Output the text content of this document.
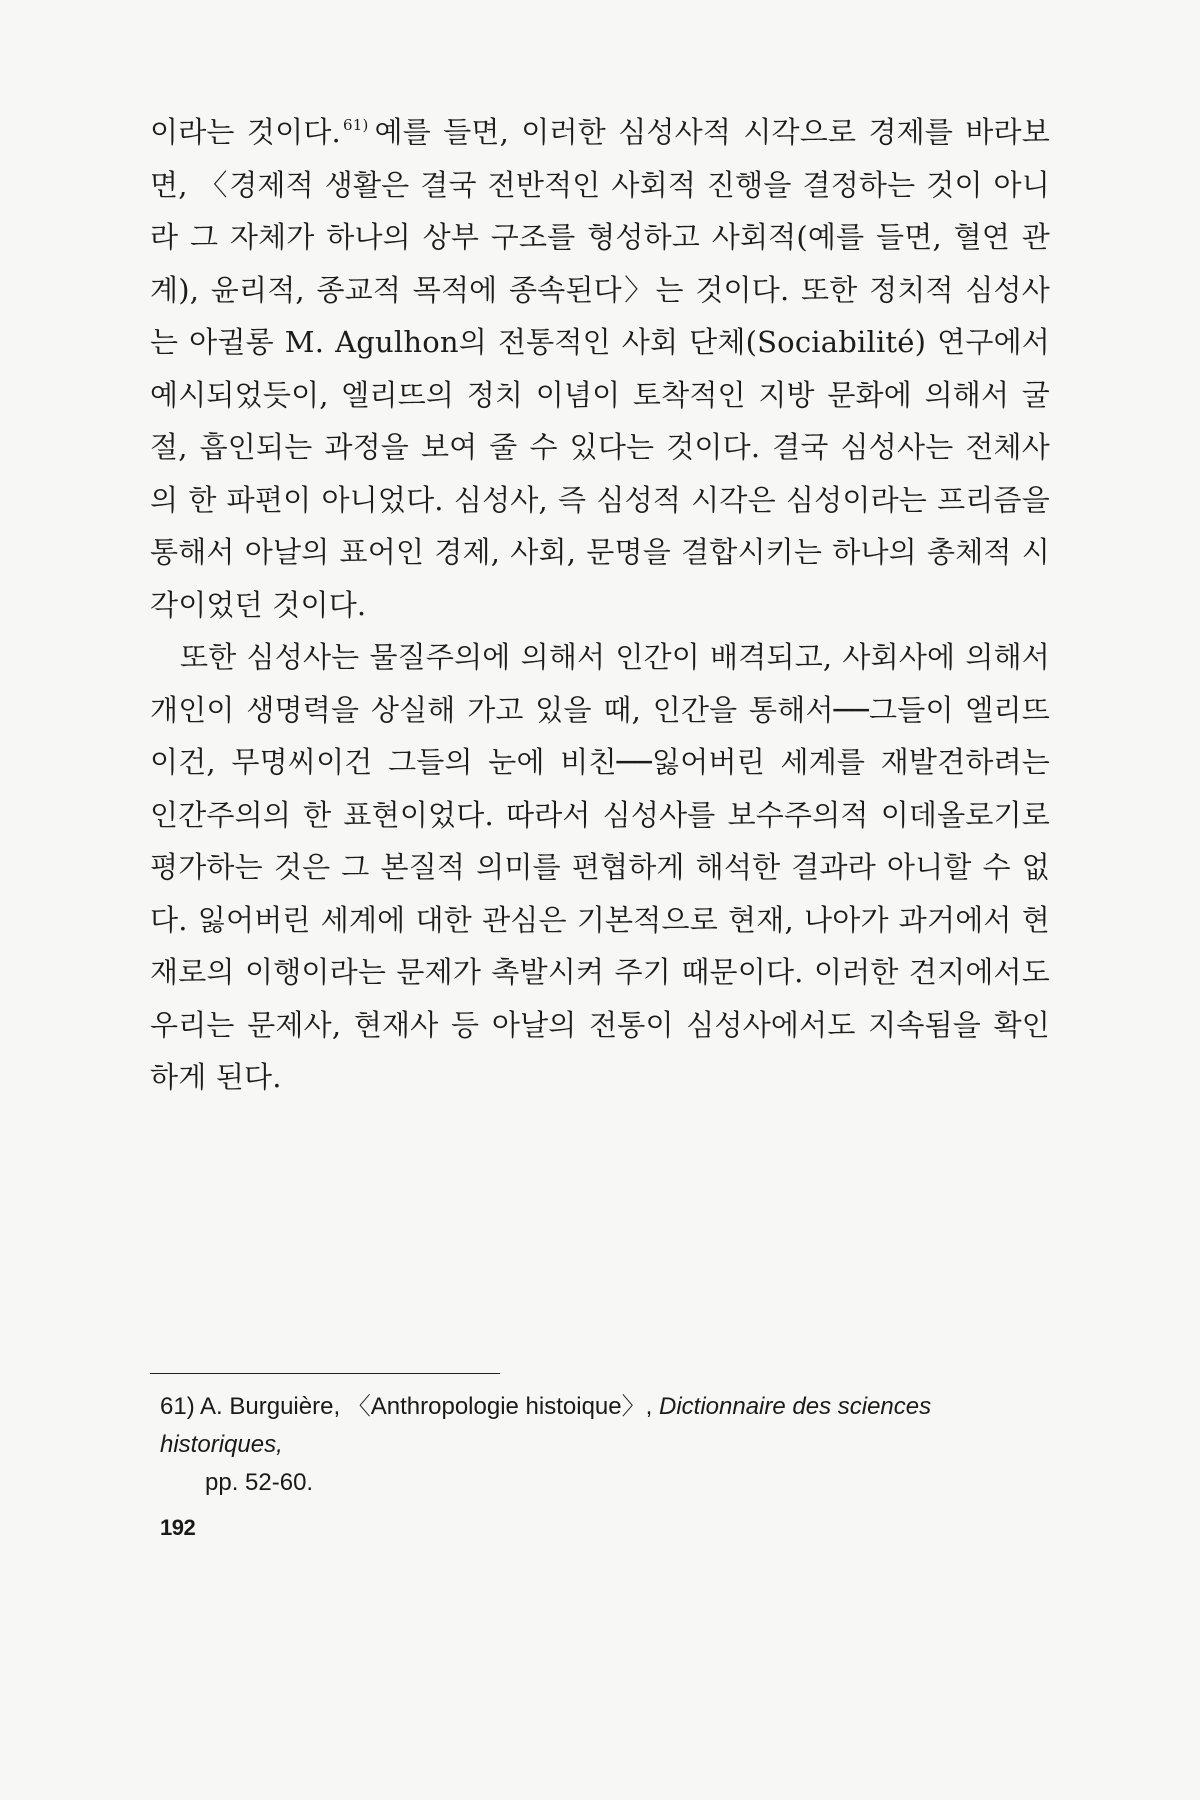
이라는 것이다. $^{61)}$ 예를 들면, 이러한 심성사적 시각으로 경제를 바라보면, 〈경제적 생활은 결국 전반적인 사회적 진행을 결정하는 것이 아니라 그 자체가 하나의 상부 구조를 형성하고 사회적(예를 들면, 혈연 관계), 윤리적, 종교적 목적에 종속된다〉는 것이다. 또한 정치적 심성사는 아귈롱 M. Agulhon의 전통적인 사회 단체(Sociabilité) 연구에서 예시되었듯이, 엘리뜨의 정치 이념이 토착적인 지방 문화에 의해서 굴절, 흡인되는 과정을 보여 줄 수 있다는 것이다. 결국 심성사는 전체사의 한 파편이 아니었다. 심성사, 즉 심성적 시각은 심성이라는 프리즘을 통해서 아날의 표어인 경제, 사회, 문명을 결합시키는 하나의 총체적 시각이었던 것이다.

또한 심성사는 물질주의에 의해서 인간이 배격되고, 사회사에 의해서 개인이 생명력을 상실해 가고 있을 때, 인간을 통해서──그들이 엘리뜨이건, 무명씨이건 그들의 눈에 비친──잃어버린 세계를 재발견하려는 인간주의의 한 표현이었다. 따라서 심성사를 보수주의적 이데올로기로 평가하는 것은 그 본질적 의미를 편협하게 해석한 결과라 아니할 수 없다. 잃어버린 세계에 대한 관심은 기본적으로 현재, 나아가 과거에서 현재로의 이행이라는 문제가 촉발시켜 주기 때문이다. 이러한 견지에서도 우리는 문제사, 현재사 등 아날의 전통이 심성사에서도 지속됨을 확인하게 된다.

61) A. Burguière, 〈Anthropologie histoique〉, Dictionnaire des sciences historiques,
pp. 52-60.
192
